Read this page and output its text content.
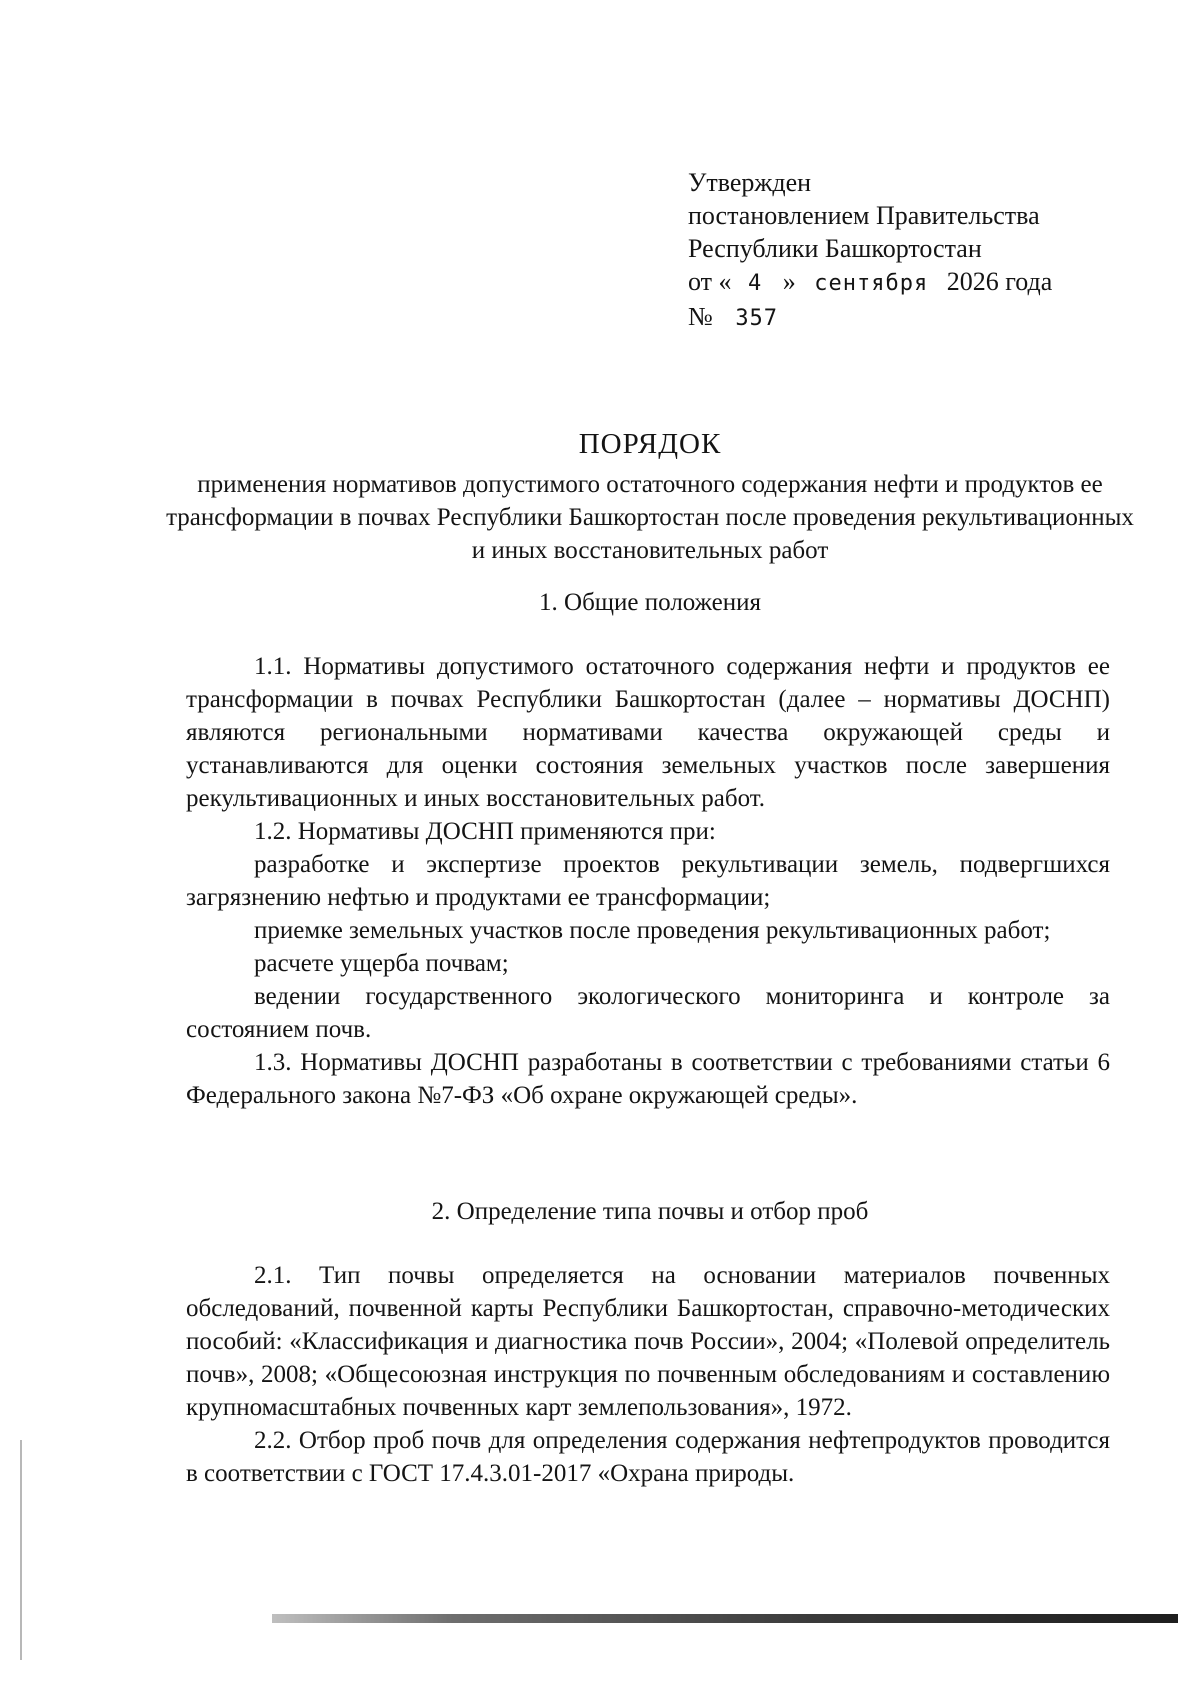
Утвержден
постановлением Правительства
Республики Башкортостан
от « 4 » сентября 2026 года
№ 357
ПОРЯДОК
применения нормативов допустимого остаточного содержания нефти и продуктов ее трансформации в почвах Республики Башкортостан после проведения рекультивационных и иных восстановительных работ
1. Общие положения

1.1. Нормативы допустимого остаточного содержания нефти и продуктов ее трансформации в почвах Республики Башкортостан (далее – нормативы ДОСНП) являются региональными нормативами качества окружающей среды и устанавливаются для оценки состояния земельных участков после завершения рекультивационных и иных восстановительных работ.

1.2. Нормативы ДОСНП применяются при:

разработке и экспертизе проектов рекультивации земель, подвергшихся загрязнению нефтью и продуктами ее трансформации;

приемке земельных участков после проведения рекультивационных работ;

расчете ущерба почвам;

ведении государственного экологического мониторинга и контроле за состоянием почв.

1.3. Нормативы ДОСНП разработаны в соответствии с требованиями статьи 6 Федерального закона №7-ФЗ «Об охране окружающей среды».

2. Определение типа почвы и отбор проб

2.1. Тип почвы определяется на основании материалов почвенных обследований, почвенной карты Республики Башкортостан, справочно-методических пособий: «Классификация и диагностика почв России», 2004; «Полевой определитель почв», 2008; «Общесоюзная инструкция по почвенным обследованиям и составлению крупномасштабных почвенных карт землепользования», 1972.

2.2. Отбор проб почв для определения содержания нефтепродуктов проводится в соответствии с ГОСТ 17.4.3.01-2017 «Охрана природы.
